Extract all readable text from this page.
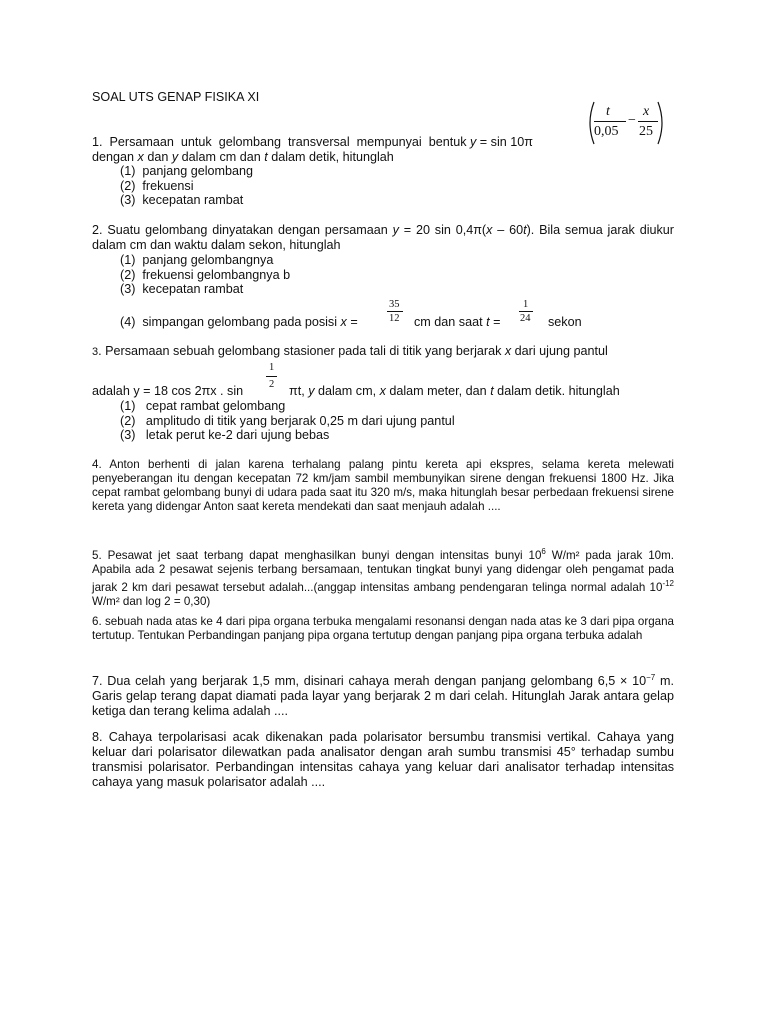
SOAL UTS GENAP FISIKA XI
t
0,05
−
x
25
1.  Persamaan  untuk  gelombang  transversal  mempunyai  bentuk y = sin 10π
dengan x dan y dalam cm dan t dalam detik, hitunglah
(1)  panjang gelombang
(2)  frekuensi
(3)  kecepatan rambat
2. Suatu gelombang dinyatakan dengan persamaan y = 20 sin 0,4π(x – 60t). Bila semua jarak diukur dalam cm dan waktu dalam sekon, hitunglah
(1)  panjang gelombangnya
(2)  frekuensi gelombangnya b
(3)  kecepatan rambat
(4)  simpangan gelombang pada posisi x =
35
12 cm dan saat t =
1
24 sekon
3. Persamaan sebuah gelombang stasioner pada tali di titik yang berjarak x dari ujung pantul
1
2
adalah y = 18 cos 2πx . sin	πt, y dalam cm, x dalam meter, dan t dalam detik. hitunglah
(1)   cepat rambat gelombang
(2)   amplitudo di titik yang berjarak 0,25 m dari ujung pantul
(3)   letak perut ke-2 dari ujung bebas
4. Anton berhenti di jalan karena terhalang palang pintu kereta api ekspres, selama kereta melewati penyeberangan itu dengan kecepatan 72 km/jam sambil membunyikan sirene dengan frekuensi 1800 Hz. Jika cepat rambat gelombang bunyi di udara pada saat itu 320 m/s, maka hitunglah besar perbedaan frekuensi sirene kereta yang didengar Anton saat kereta mendekati dan saat menjauh adalah ....
5. Pesawat jet saat terbang dapat menghasilkan bunyi dengan intensitas bunyi $10^6$ W/m² pada jarak 10m. Apabila ada 2 pesawat sejenis terbang bersamaan, tentukan tingkat bunyi yang didengar oleh pengamat pada jarak 2 km dari pesawat tersebut adalah...(anggap intensitas ambang pendengaran telinga normal adalah $10^{-12}$ W/m² dan log 2 = 0,30)
6. sebuah nada atas ke 4 dari pipa organa terbuka mengalami resonansi dengan nada atas ke 3 dari pipa organa tertutup. Tentukan Perbandingan panjang pipa organa tertutup dengan panjang pipa organa terbuka adalah
7. Dua celah yang berjarak 1,5 mm, disinari cahaya merah dengan panjang gelombang $6,5 \times 10^{-7}$ m. Garis gelap terang dapat diamati pada layar yang berjarak 2 m dari celah. Hitunglah Jarak antara gelap ketiga dan terang kelima adalah ....
8. Cahaya terpolarisasi acak dikenakan pada polarisator bersumbu transmisi vertikal. Cahaya yang keluar dari polarisator dilewatkan pada analisator dengan arah sumbu transmisi 45° terhadap sumbu transmisi polarisator. Perbandingan intensitas cahaya yang keluar dari analisator terhadap intensitas cahaya yang masuk polarisator adalah ....
